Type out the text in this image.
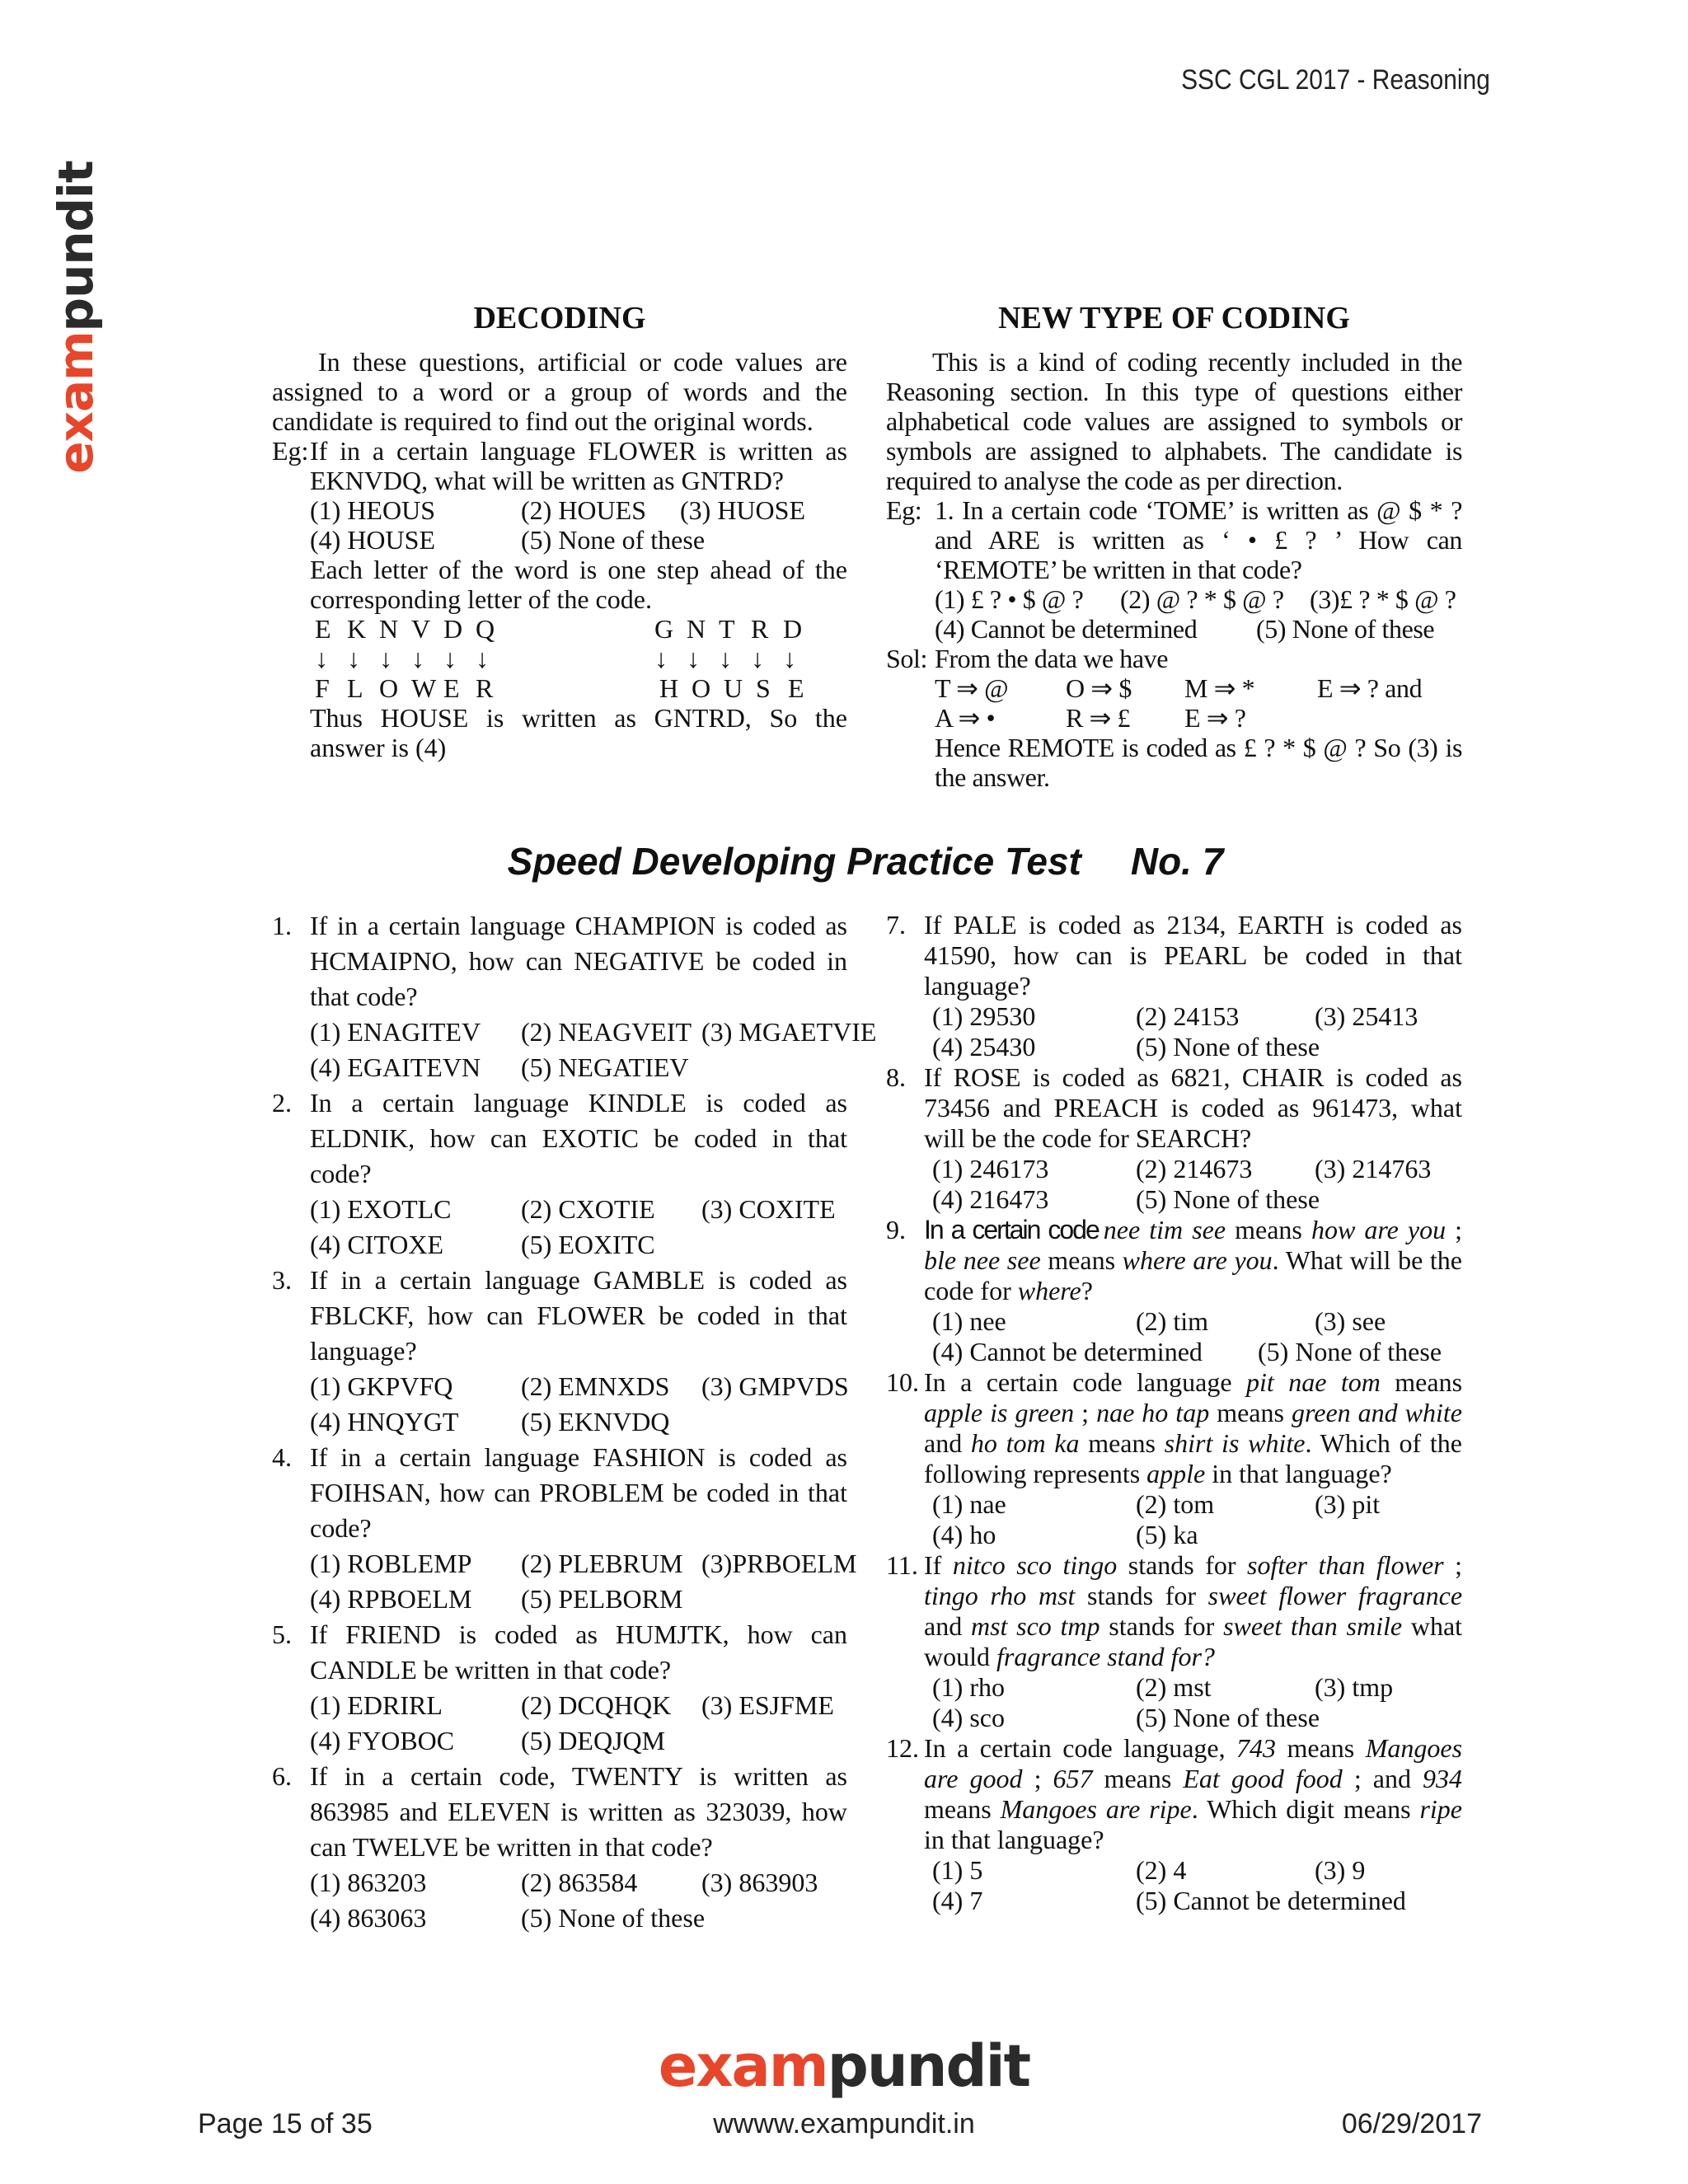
SSC CGL 2017 - Reasoning
exampundit	DECODING

In these questions, artificial or code values are assigned to a word or a group of words and the candidate is required to find out the original words.

Eg: If in a certain language FLOWER is written as EKNVDQ, what will be written as GNTRD?

(1) HEOUS	(2) HOUES (3) HUOSE
(4) HOUSE	(5) None of these

Each letter of the word is one step ahead of the corresponding letter of the code.

E K N V D Q	G N T R D
↓ ↓ ↓ ↓ ↓ ↓	↓ ↓ ↓ ↓ ↓
F L O W E R	H O U S E

Thus HOUSE is written as GNTRD, So the answer is (4)

NEW TYPE OF CODING

This is a kind of coding recently included in the Reasoning section. In this type of questions either alphabetical code values are assigned to symbols or symbols are assigned to alphabets. The candidate is required to analyse the code as per direction.

Eg: 1. In a certain code ‘TOME’ is written as @ $ * ? and ARE is written as ‘ • £ ? ’ How can ‘REMOTE’ be written in that code?

(1) £ ? • $ @ ? (2) @ ? * $ @ ? (3)£ ? * $ @ ?
(4) Cannot be determined (5) None of these
Sol: From the data we have

T ⇒ @ O ⇒ $ M ⇒ * E ⇒ ? and
A ⇒ •	R ⇒ £ E ⇒ ?

Hence REMOTE is coded as £ ? * $ @ ? So (3) is the answer.

Speed Developing Practice Test No. 7
1. If in a certain language CHAMPION is coded as HCMAIPNO, how can NEGATIVE be coded in that code?

(1) ENAGITEV	(2) NEAGVEIT (3) MGAETVIE
(4) EGAITEVN	(5) NEGATIEV
2. In a certain language KINDLE is coded as ELDNIK, how can EXOTIC be coded in that code?

(1) EXOTLC	(2) CXOTIE	(3) COXITE
(4) CITOXE	(5) EOXITC
3. If in a certain language GAMBLE is coded as FBLCKF, how can FLOWER be coded in that language?

(1) GKPVFQ	(2) EMNXDS	(3) GMPVDS
(4) HNQYGT	(5) EKNVDQ
4. If in a certain language FASHION is coded as FOIHSAN, how can PROBLEM be coded in that code?

(1) ROBLEMP	(2) PLEBRUM (3)PRBOELM
(4) RPBOELM	(5) PELBORM
5. If FRIEND is coded as HUMJTK, how can CANDLE be written in that code?

(1) EDRIRL	(2) DCQHQK	(3) ESJFME
(4) FYOBOC	(5) DEQJQM
6. If in a certain code, TWENTY is written as 863985 and ELEVEN is written as 323039, how can TWELVE be written in that code?

(1) 863203	(2) 863584	(3) 863903
(4) 863063	(5) None of these
7. If PALE is coded as 2134, EARTH is coded as 41590, how can is PEARL be coded in that language?

(1) 29530	(2) 24153	(3) 25413
(4) 25430	(5) None of these
8. If ROSE is coded as 6821, CHAIR is coded as 73456 and PREACH is coded as 961473, what will be the code for SEARCH?

(1) 246173	(2) 214673	(3) 214763
(4) 216473	(5) None of these
9. In a certain code nee tim see means how are you ; ble nee see means where are you. What will be the code for where?

(1) nee	(2) tim	(3) see
(4) Cannot be determined	(5) None of these
10. In a certain code language pit nae tom means apple is green ; nae ho tap means green and white and ho tom ka means shirt is white. Which of the following represents apple in that language?

(1) nae	(2) tom	(3) pit
(4) ho	(5) ka
11. If nitco sco tingo stands for softer than flower ; tingo rho mst stands for sweet flower fragrance and mst sco tmp stands for sweet than smile what would fragrance stand for?

(1) rho	(2) mst	(3) tmp
(4) sco	(5) None of these
12. In a certain code language, 743 means Mangoes are good ; 657 means Eat good food ; and 934 means Mangoes are ripe. Which digit means ripe in that language?

(1) 5	(2) 4	(3) 9
(4) 7	(5) Cannot be determined
exampundit
Page 15 of 35	wwww.exampundit.in	06/29/2017
